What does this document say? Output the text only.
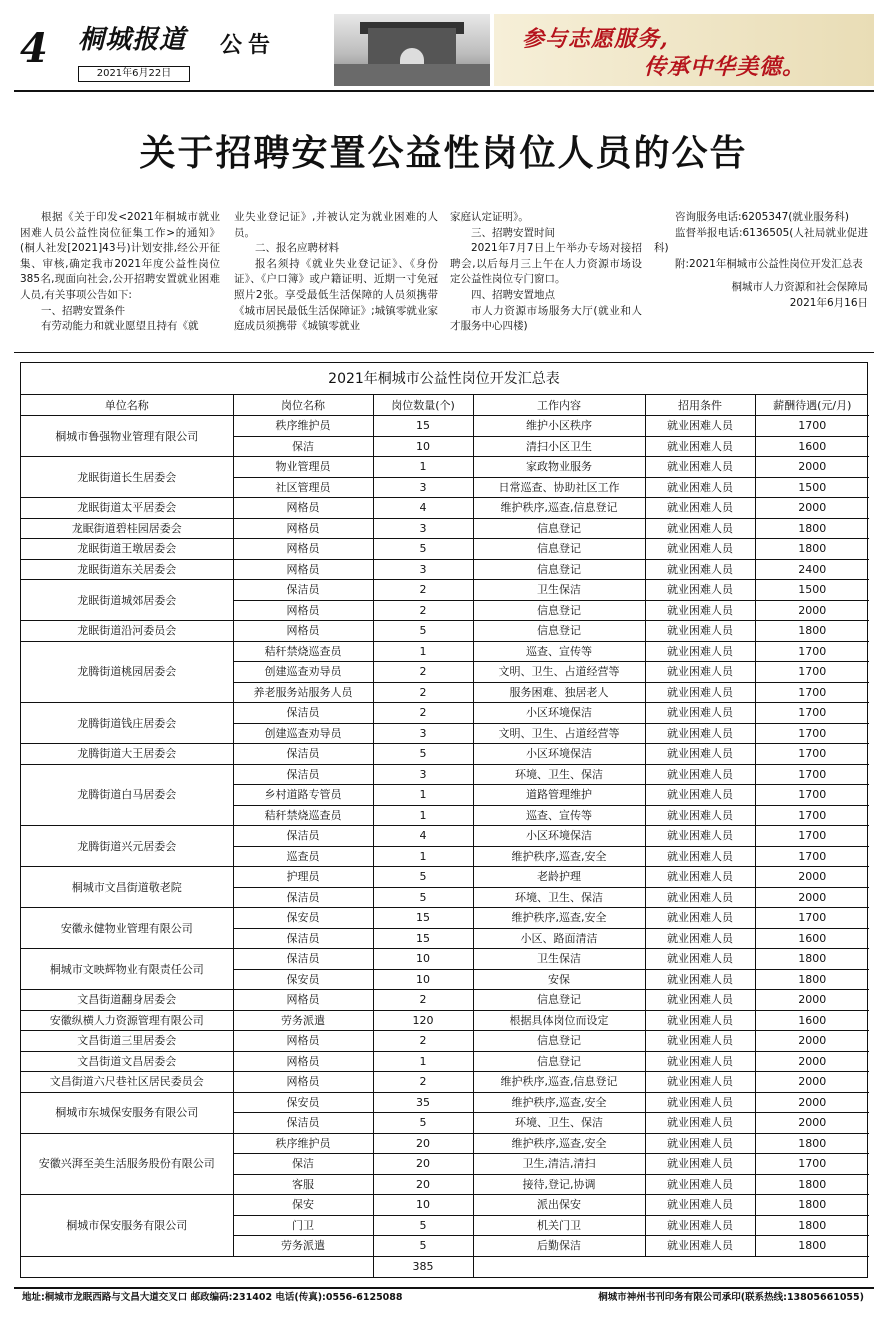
4 桐城报道
2021年6月22日
公告	参与志愿服务,
传承中华美德。
关于招聘安置公益性岗位人员的公告

根据《关于印发<2021年桐城市就业困难人员公益性岗位征集工作>的通知》(桐人社发[2021]43号)计划安排,经公开征集、审核,确定我市2021年度公益性岗位385名,现面向社会,公开招聘安置就业困难人员,有关事项公告如下:

一、招聘安置条件

有劳动能力和就业愿望且持有《就

业失业登记证》,并被认定为就业困难的人员。

二、报名应聘材料

报名须持《就业失业登记证》、《身份证》、《户口簿》或户籍证明、近期一寸免冠照片2张。享受最低生活保障的人员须携带《城市居民最低生活保障证》;城镇零就业家庭成员须携带《城镇零就业

家庭认定证明》。

三、招聘安置时间

2021年7月7日上午举办专场对接招聘会,以后每月三上午在人力资源市场设定公益性岗位专门窗口。

四、招聘安置地点

市人力资源市场服务大厅(就业和人才服务中心四楼)

咨询服务电话:6205347(就业服务科)

监督举报电话:6136505(人社局就业促进科)

附:2021年桐城市公益性岗位开发汇总表

桐城市人力资源和社会保障局

2021年6月16日

2021年桐城市公益性岗位开发汇总表
单位名称	岗位名称	岗位数量(个)	工作内容	招用条件	薪酬待遇(元/月)
桐城市鲁强物业管理有限公司	秩序维护员	15	维护小区秩序	就业困难人员	1700
	保洁	10	清扫小区卫生	就业困难人员	1600
龙眠街道长生居委会	物业管理员	1	家政物业服务	就业困难人员	2000
	社区管理员	3	日常巡查、协助社区工作	就业困难人员	1500
龙眠街道太平居委会	网格员	4	维护秩序,巡查,信息登记	就业困难人员	2000
龙眠街道碧桂园居委会	网格员	3	信息登记	就业困难人员	1800
龙眠街道王墩居委会	网格员	5	信息登记	就业困难人员	1800
龙眠街道东关居委会	网格员	3	信息登记	就业困难人员	2400
龙眠街道城郊居委会	保洁员	2	卫生保洁	就业困难人员	1500
	网格员	2	信息登记	就业困难人员	2000
龙眠街道沿河委员会	网格员	5	信息登记	就业困难人员	1800
龙腾街道桃园居委会	秸秆禁烧巡查员	1	巡查、宣传等	就业困难人员	1700
	创建巡查劝导员	2	文明、卫生、占道经营等	就业困难人员	1700
	养老服务站服务人员	2	服务困难、独居老人	就业困难人员	1700
龙腾街道钱庄居委会	保洁员	2	小区环境保洁	就业困难人员	1700
	创建巡查劝导员	3	文明、卫生、占道经营等	就业困难人员	1700
龙腾街道大王居委会	保洁员	5	小区环境保洁	就业困难人员	1700
龙腾街道白马居委会	保洁员	3	环境、卫生、保洁	就业困难人员	1700
	乡村道路专管员	1	道路管理维护	就业困难人员	1700
	秸秆禁烧巡查员	1	巡查、宣传等	就业困难人员	1700
龙腾街道兴元居委会	保洁员	4	小区环境保洁	就业困难人员	1700
	巡查员	1	维护秩序,巡查,安全	就业困难人员	1700
桐城市文昌街道敬老院	护理员	5	老龄护理	就业困难人员	2000
	保洁员	5	环境、卫生、保洁	就业困难人员	2000
安徽永健物业管理有限公司	保安员	15	维护秩序,巡查,安全	就业困难人员	1700
	保洁员	15	小区、路面清洁	就业困难人员	1600
桐城市文映辉物业有限责任公司	保洁员	10	卫生保洁	就业困难人员	1800
	保安员	10	安保	就业困难人员	1800
文昌街道翻身居委会	网格员	2	信息登记	就业困难人员	2000
安徽纵横人力资源管理有限公司	劳务派遣	120	根据具体岗位而设定	就业困难人员	1600
文昌街道三里居委会	网格员	2	信息登记	就业困难人员	2000
文昌街道文昌居委会	网格员	1	信息登记	就业困难人员	2000
文昌街道六尺巷社区居民委员会	网格员	2	维护秩序,巡查,信息登记	就业困难人员	2000
桐城市东城保安服务有限公司	保安员	35	维护秩序,巡查,安全	就业困难人员	2000
	保洁员	5	环境、卫生、保洁	就业困难人员	2000
安徽兴湃至美生活服务股份有限公司	秩序维护员	20	维护秩序,巡查,安全	就业困难人员	1800
	保洁	20	卫生,清洁,清扫	就业困难人员	1700
	客服	20	接待,登记,协调	就业困难人员	1800
桐城市保安服务有限公司	保安	10	派出保安	就业困难人员	1800
	门卫	5	机关门卫	就业困难人员	1800
	劳务派遣	5	后勤保洁	就业困难人员	1800
		385			
地址:桐城市龙眠西路与文昌大道交叉口 邮政编码:231402 电话(传真):0556-6125088	桐城市神州书刊印务有限公司承印(联系热线:13805661055)
